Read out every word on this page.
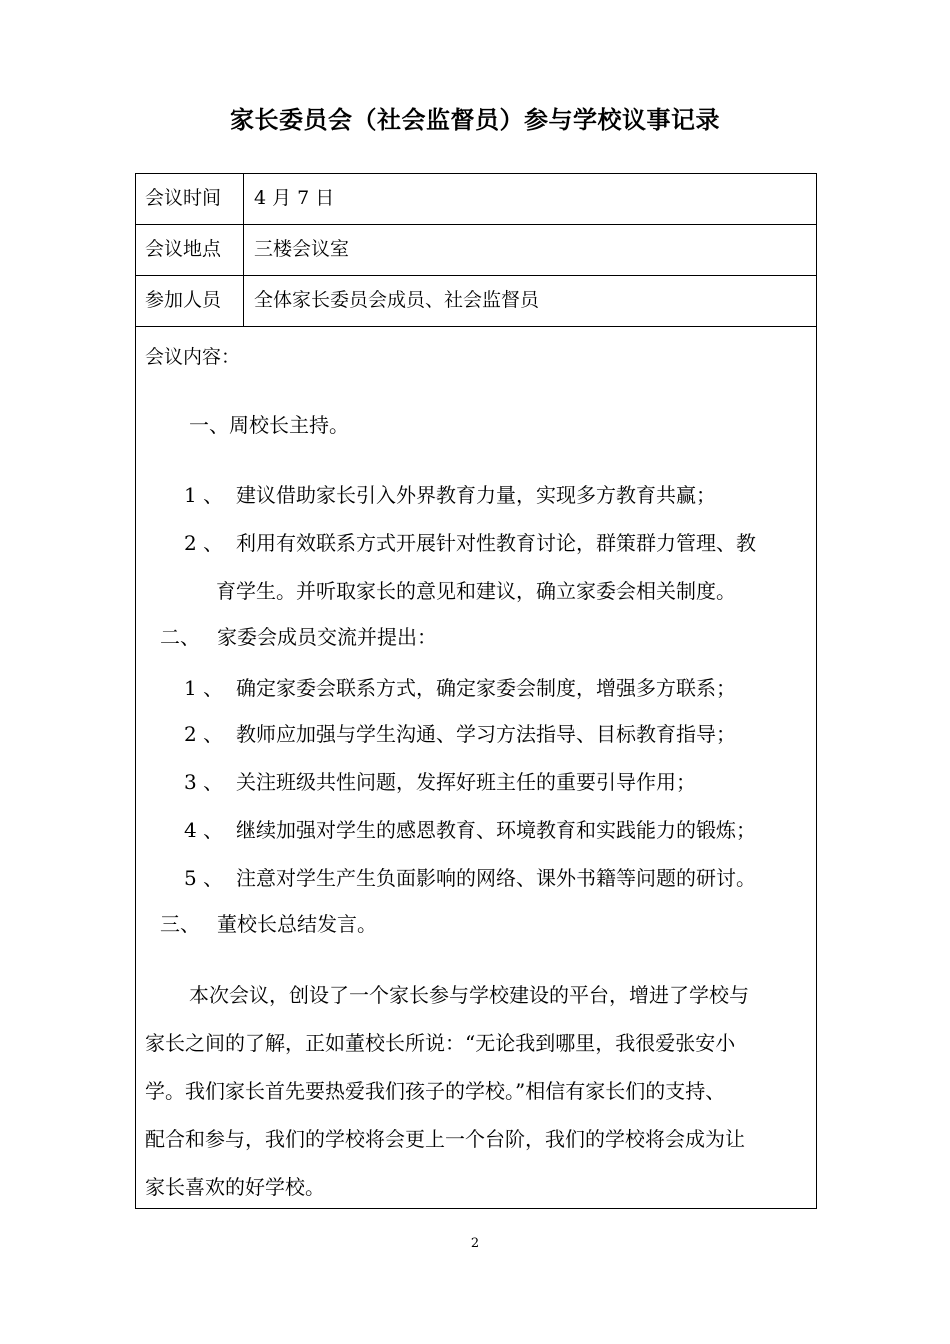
家长委员会（社会监督员）参与学校议事记录
会议时间	4 月 7 日
会议地点	三楼会议室
参加人员	全体家长委员会成员、社会监督员
会议内容：
一、周校长主持。
1 、 建议借助家长引入外界教育力量，实现多方教育共赢；
2 、 利用有效联系方式开展针对性教育讨论，群策群力管理、教
育学生。并听取家长的意见和建议，确立家委会相关制度。
二、 家委会成员交流并提出：
1 、 确定家委会联系方式，确定家委会制度，增强多方联系；
2 、 教师应加强与学生沟通、学习方法指导、目标教育指导；
3 、 关注班级共性问题，发挥好班主任的重要引导作用；
4 、 继续加强对学生的感恩教育、环境教育和实践能力的锻炼；
5 、 注意对学生产生负面影响的网络、课外书籍等问题的研讨。
三、 董校长总结发言。
本次会议，创设了一个家长参与学校建设的平台，增进了学校与
家长之间的了解，正如董校长所说：“无论我到哪里，我很爱张安小
学。我们家长首先要热爱我们孩子的学校。”相信有家长们的支持、
配合和参与，我们的学校将会更上一个台阶，我们的学校将会成为让
家长喜欢的好学校。
2
